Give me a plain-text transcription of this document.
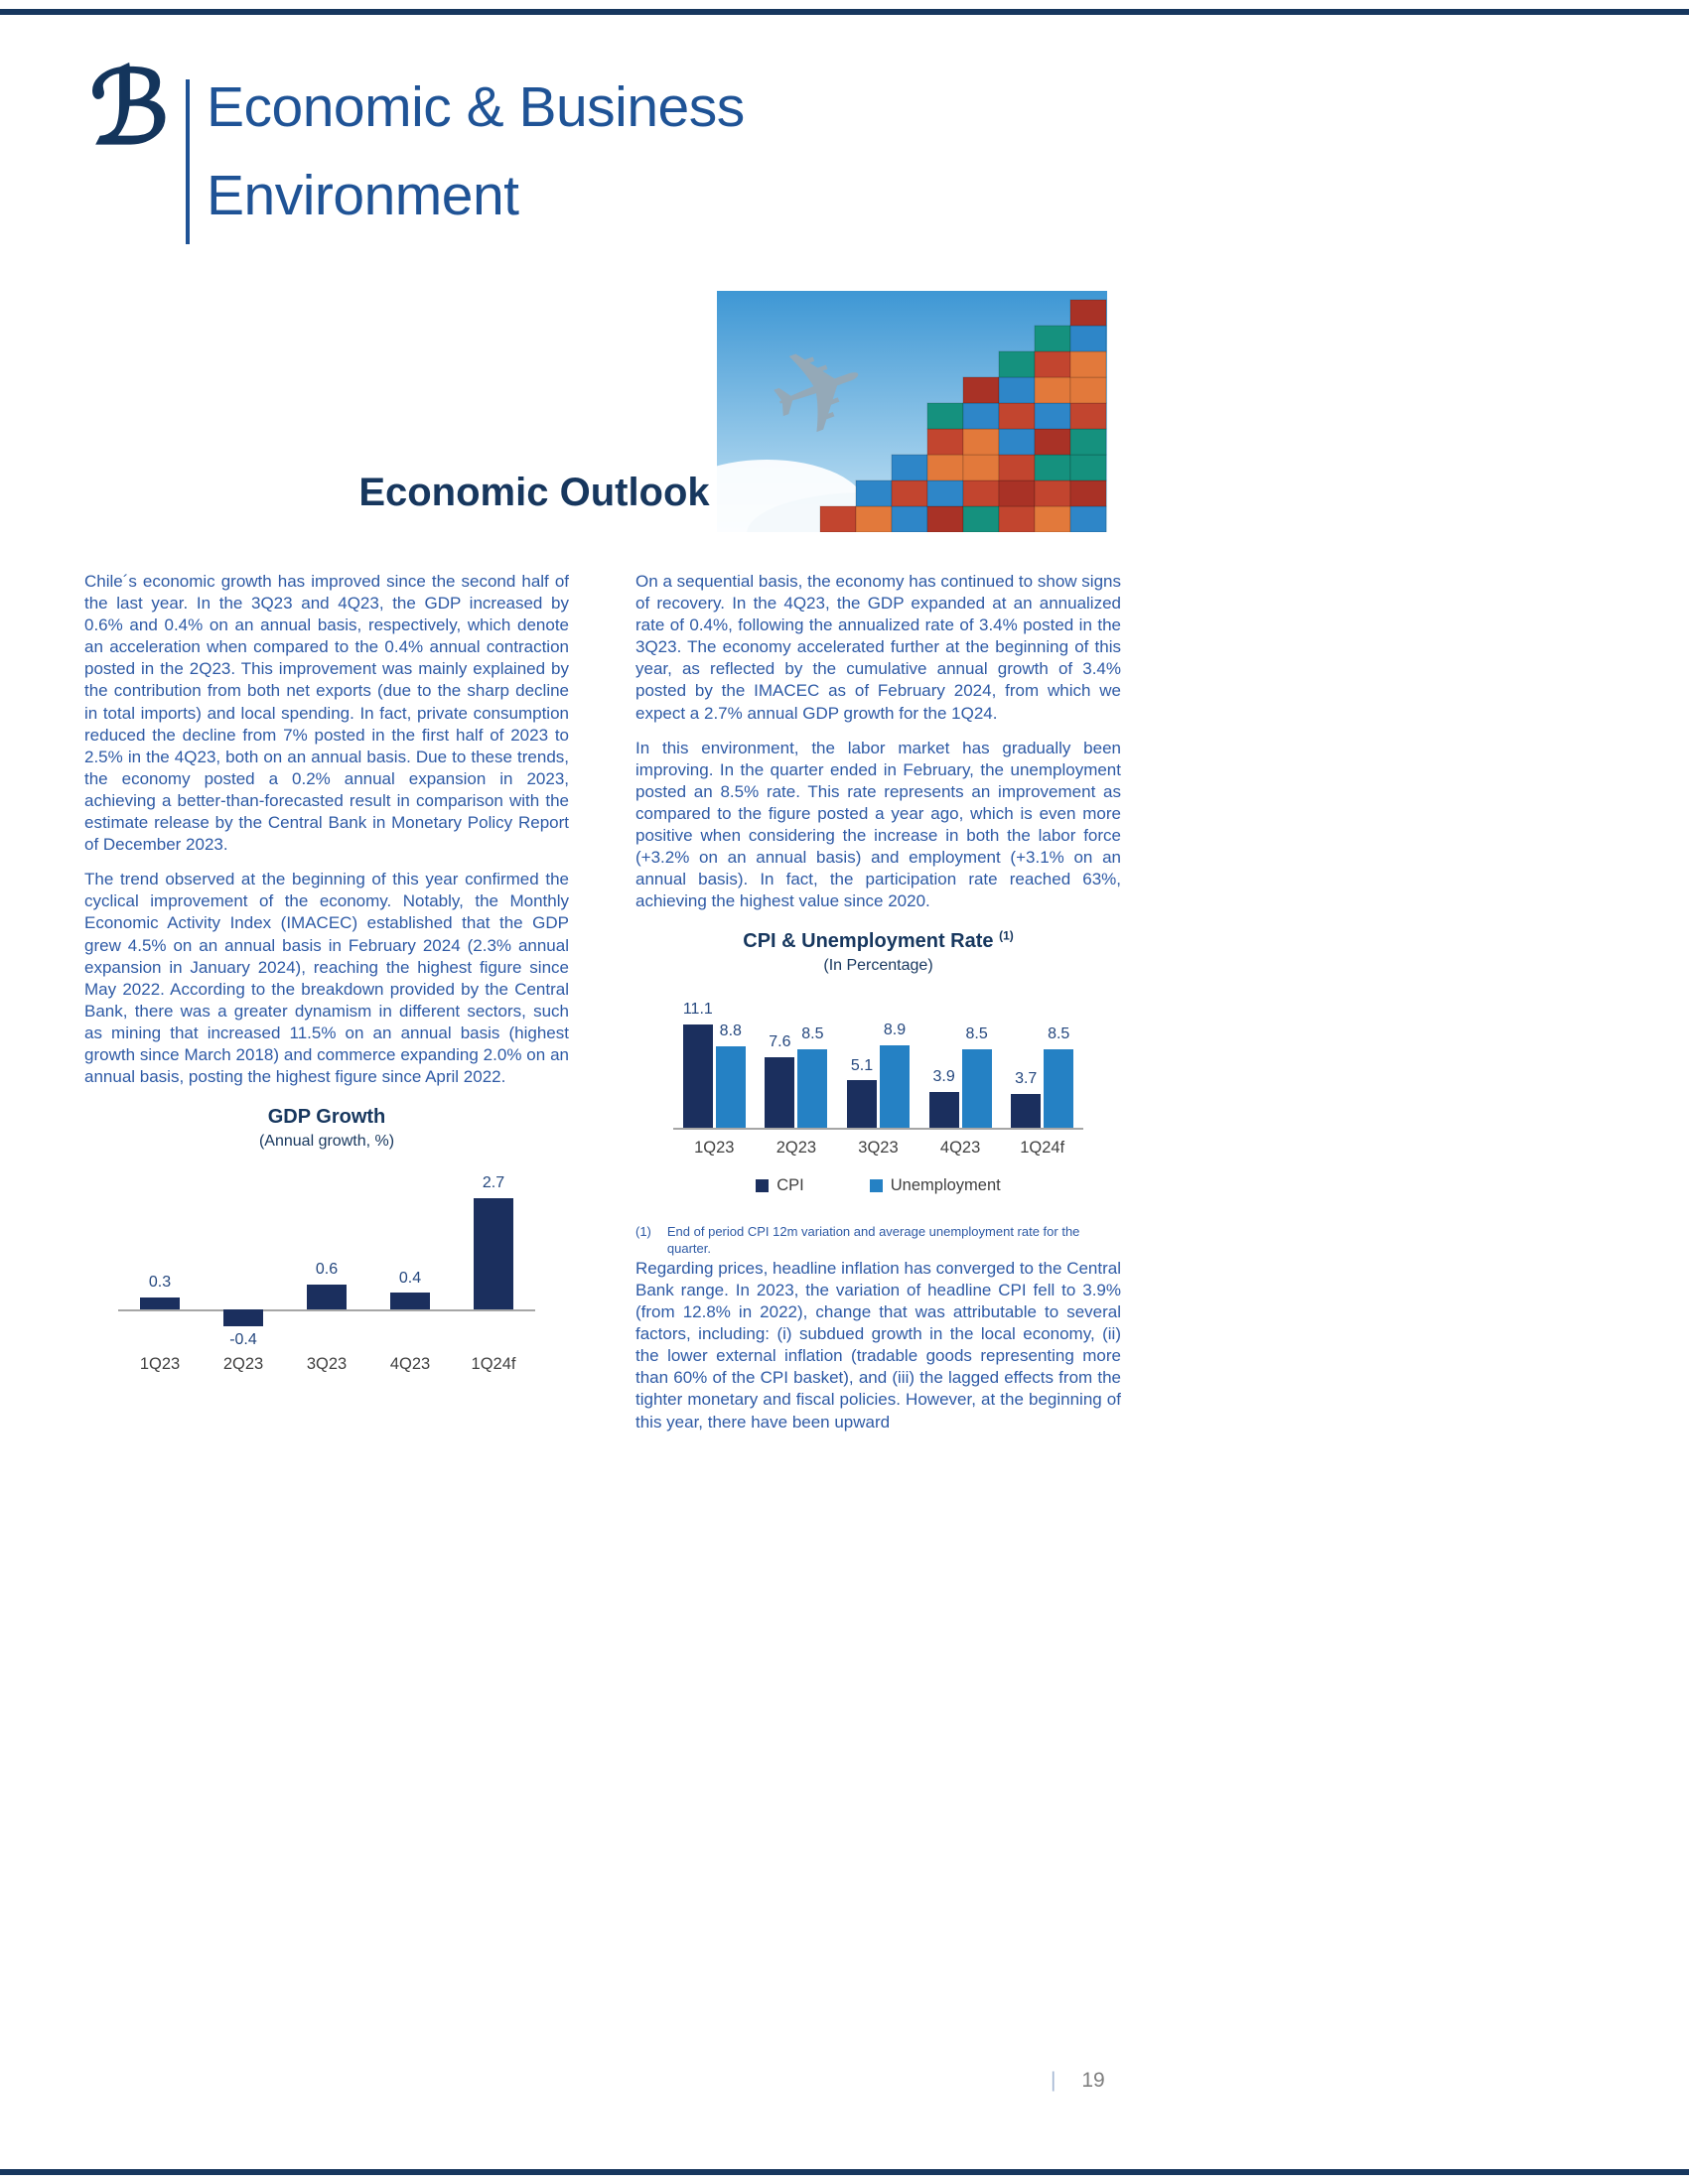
ℬ Economic & Business
Environment
✈
Economic Outlook

Chile´s economic growth has improved since the second half of the last year. In the 3Q23 and 4Q23, the GDP increased by 0.6% and 0.4% on an annual basis, respectively, which denote an acceleration when compared to the 0.4% annual contraction posted in the 2Q23. This improvement was mainly explained by the contribution from both net exports (due to the sharp decline in total imports) and local spending. In fact, private consumption reduced the decline from 7% posted in the first half of 2023 to 2.5% in the 4Q23, both on an annual basis. Due to these trends, the economy posted a 0.2% annual expansion in 2023, achieving a better-than-forecasted result in comparison with the estimate release by the Central Bank in Monetary Policy Report of December 2023.

The trend observed at the beginning of this year confirmed the cyclical improvement of the economy. Notably, the Monthly Economic Activity Index (IMACEC) established that the GDP grew 4.5% on an annual basis in February 2024 (2.3% annual expansion in January 2024), reaching the highest figure since May 2022. According to the breakdown provided by the Central Bank, there was a greater dynamism in different sectors, such as mining that increased 11.5% on an annual basis (highest growth since March 2018) and commerce expanding 2.0% on an annual basis, posting the highest figure since April 2022.

GDP Growth
(Annual growth, %)
0.3
-0.4
0.6	0.4
2.7
1Q23	2Q23	3Q23	4Q23	1Q24f

On a sequential basis, the economy has continued to show signs of recovery. In the 4Q23, the GDP expanded at an annualized rate of 0.4%, following the annualized rate of 3.4% posted in the 3Q23. The economy accelerated further at the beginning of this year, as reflected by the cumulative annual growth of 3.4% posted by the IMACEC as of February 2024, from which we expect a 2.7% annual GDP growth for the 1Q24.

In this environment, the labor market has gradually been improving. In the quarter ended in February, the unemployment posted an 8.5% rate. This rate represents an improvement as compared to the figure posted a year ago, which is even more positive when considering the increase in both the labor force (+3.2% on an annual basis) and employment (+3.1% on an annual basis). In fact, the participation rate reached 63%, achieving the highest value since 2020.

CPI & Unemployment Rate $^{(1)}$
(In Percentage)
11.1
8.8
7.6 8.5
5.1
8.9
3.9
8.5
3.7
8.5
1Q23	2Q23	3Q23	4Q23	1Q24f
CPI	Unemployment
(1) End of period CPI 12m variation and average unemployment rate for the quarter.

Regarding prices, headline inflation has converged to the Central Bank range. In 2023, the variation of headline CPI fell to 3.9% (from 12.8% in 2022), change that was attributable to several factors, including: (i) subdued growth in the local economy, (ii) the lower external inflation (tradable goods representing more than 60% of the CPI basket), and (iii) the lagged effects from the tighter monetary and fiscal policies. However, at the beginning of this year, there have been upward

| 19
